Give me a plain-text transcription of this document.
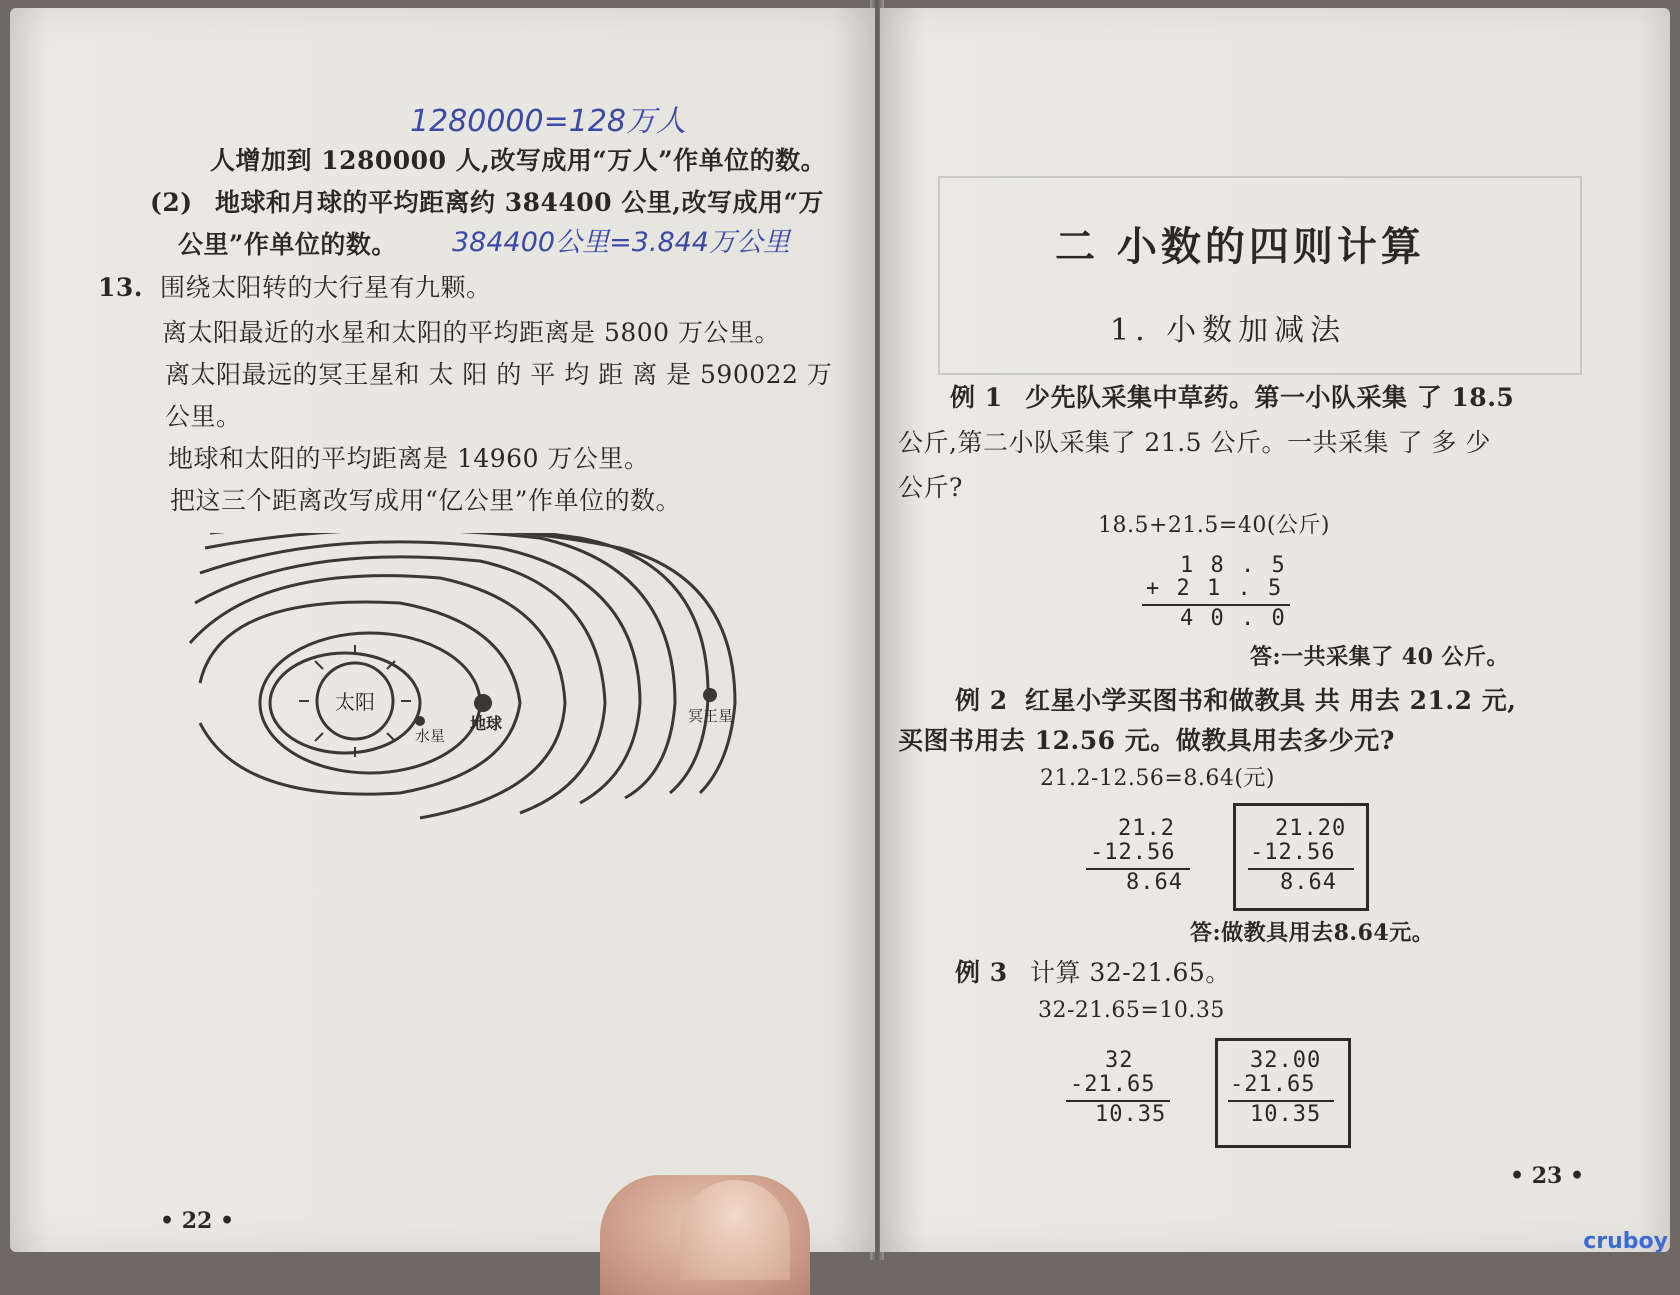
1280000=128万人
人增加到 1280000 人,改写成用“万人”作单位的数。
(2) 地球和月球的平均距离约 384400 公里,改写成用“万
公里”作单位的数。 384400公里=3.844万公里
13. 围绕太阳转的大行星有九颗。
离太阳最近的水星和太阳的平均距离是 5800 万公里。
离太阳最远的冥王星和 太 阳 的 平 均 距 离 是 590022 万
公里。
地球和太阳的平均距离是 14960 万公里。
把这三个距离改写成用“亿公里”作单位的数。
太阳
水星
地球	冥王星
• 22 •
二 小数的四则计算
1. 小数加减法
例 1 少先队采集中草药。第一小队采集 了 18.5
公斤,第二小队采集了 21.5 公斤。一共采集 了 多 少
公斤?
18.5+21.5=40(公斤)
1 8 . 5
+ 2 1 . 5
4 0 . 0
答:一共采集了 40 公斤。
例 2 红星小学买图书和做教具 共 用去 21.2 元,
买图书用去 12.56 元。做教具用去多少元?
21.2-12.56=8.64(元)
21.2
-12.56
8.64
21.20
-12.56
8.64
答:做教具用去8.64元。
例 3 计算 32-21.65。
32-21.65=10.35
32
-21.65
10.35
32.00
-21.65
10.35
• 23 •
cruboy
